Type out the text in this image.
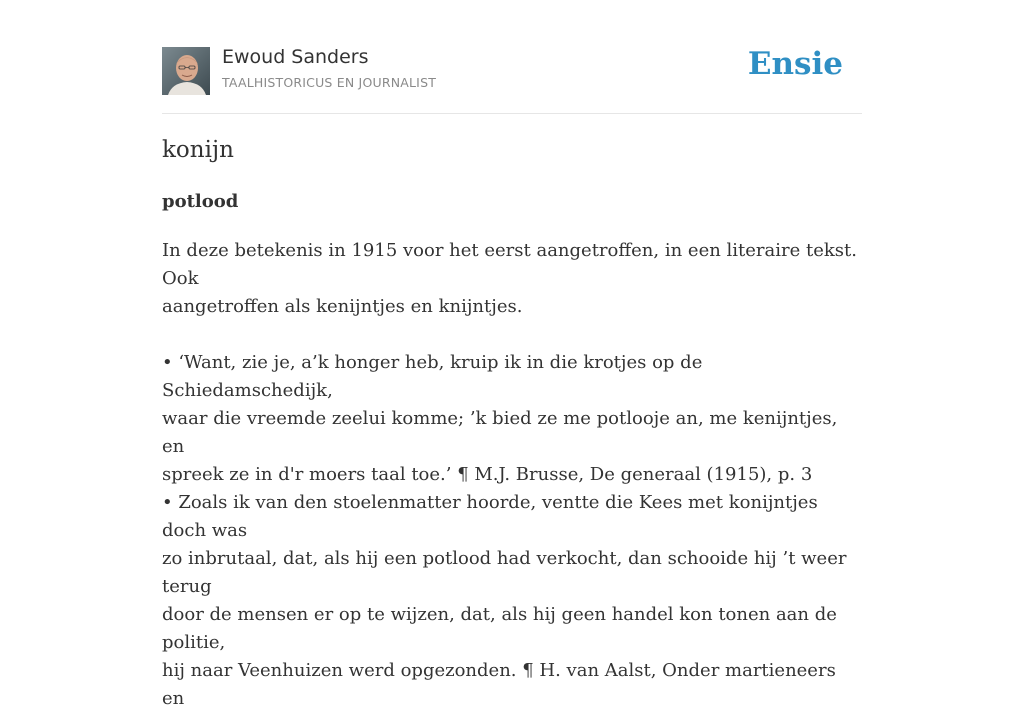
Ewoud Sanders
TAALHISTORICUS EN JOURNALIST
Ensie
konijn
potlood

In deze betekenis in 1915 voor het eerst aangetroffen, in een literaire tekst. Ook

aangetroffen als kenijntjes en knijntjes.

• ‘Want, zie je, a’k honger heb, kruip ik in die krotjes op de Schiedamschedijk,

waar die vreemde zeelui komme; ’k bied ze me potlooje an, me kenijntjes, en

spreek ze in d'r moers taal toe.’ ¶ M.J. Brusse, De generaal (1915), p. 3

• Zoals ik van den stoelenmatter hoorde, ventte die Kees met konijntjes doch was

zo inbrutaal, dat, als hij een potlood had verkocht, dan schooide hij ’t weer terug

door de mensen er op te wijzen, dat, als hij geen handel kon tonen aan de politie,

hij naar Veenhuizen werd opgezonden. ¶ H. van Aalst, Onder martieneers en
